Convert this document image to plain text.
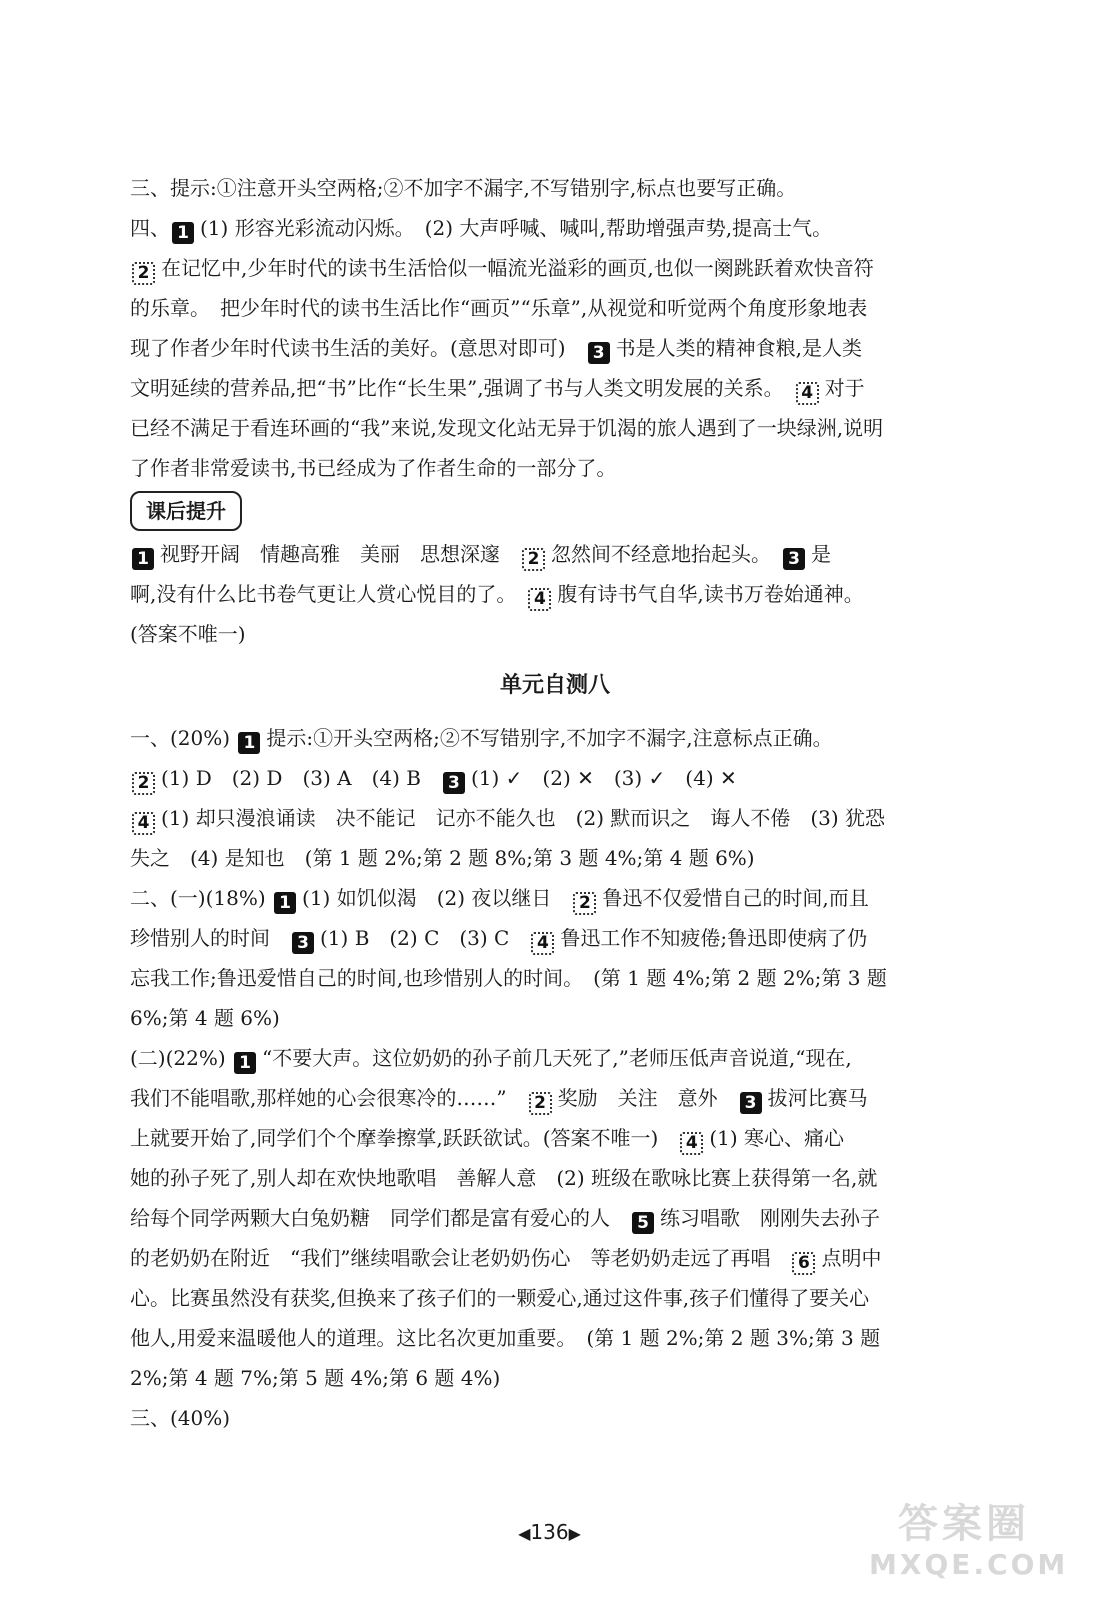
三、提示:①注意开头空两格;②不加字不漏字,不写错别字,标点也要写正确。
四、 1 (1) 形容光彩流动闪烁。　(2) 大声呼喊、喊叫,帮助增强声势,提高士气。
2 在记忆中,少年时代的读书生活恰似一幅流光溢彩的画页,也似一阕跳跃着欢快音符
的乐章。　把少年时代的读书生活比作“画页”“乐章”,从视觉和听觉两个角度形象地表
现了作者少年时代读书生活的美好。(意思对即可)　3 书是人类的精神食粮,是人类
文明延续的营养品,把“书”比作“长生果”,强调了书与人类文明发展的关系。　4 对于
已经不满足于看连环画的“我”来说,发现文化站无异于饥渴的旅人遇到了一块绿洲,说明
了作者非常爱读书,书已经成为了作者生命的一部分了。
课后提升
1 视野开阔　情趣高雅　美丽　思想深邃　2 忽然间不经意地抬起头。　3 是
啊,没有什么比书卷气更让人赏心悦目的了。　4 腹有诗书气自华,读书万卷始通神。
(答案不唯一)
单元自测八
一、(20%) 1 提示:①开头空两格;②不写错别字,不加字不漏字,注意标点正确。
2 (1) D　(2) D　(3) A　(4) B　3 (1) ✓　(2) ✕　(3) ✓　(4) ✕
4 (1) 却只漫浪诵读　决不能记　记亦不能久也　(2) 默而识之　诲人不倦　(3) 犹恐
失之　(4) 是知也　(第 1 题 2%;第 2 题 8%;第 3 题 4%;第 4 题 6%)
二、(一)(18%) 1 (1) 如饥似渴　(2) 夜以继日　2 鲁迅不仅爱惜自己的时间,而且
珍惜别人的时间　3 (1) B　(2) C　(3) C　4 鲁迅工作不知疲倦;鲁迅即使病了仍
忘我工作;鲁迅爱惜自己的时间,也珍惜别人的时间。　(第 1 题 4%;第 2 题 2%;第 3 题
6%;第 4 题 6%)
(二)(22%) 1 “不要大声。这位奶奶的孙子前几天死了,”老师压低声音说道,“现在,
我们不能唱歌,那样她的心会很寒冷的……”　2 奖励　关注　意外　3 拔河比赛马
上就要开始了,同学们个个摩拳擦掌,跃跃欲试。(答案不唯一)　4 (1) 寒心、痛心
她的孙子死了,别人却在欢快地歌唱　善解人意　(2) 班级在歌咏比赛上获得第一名,就
给每个同学两颗大白兔奶糖　同学们都是富有爱心的人　5 练习唱歌　刚刚失去孙子
的老奶奶在附近　“我们”继续唱歌会让老奶奶伤心　等老奶奶走远了再唱　6 点明中
心。比赛虽然没有获奖,但换来了孩子们的一颗爱心,通过这件事,孩子们懂得了要关心
他人,用爱来温暖他人的道理。这比名次更加重要。　(第 1 题 2%;第 2 题 3%;第 3 题
2%;第 4 题 7%;第 5 题 4%;第 6 题 4%)
三、(40%)
◀136▶	答案圈
MXQE.COM
